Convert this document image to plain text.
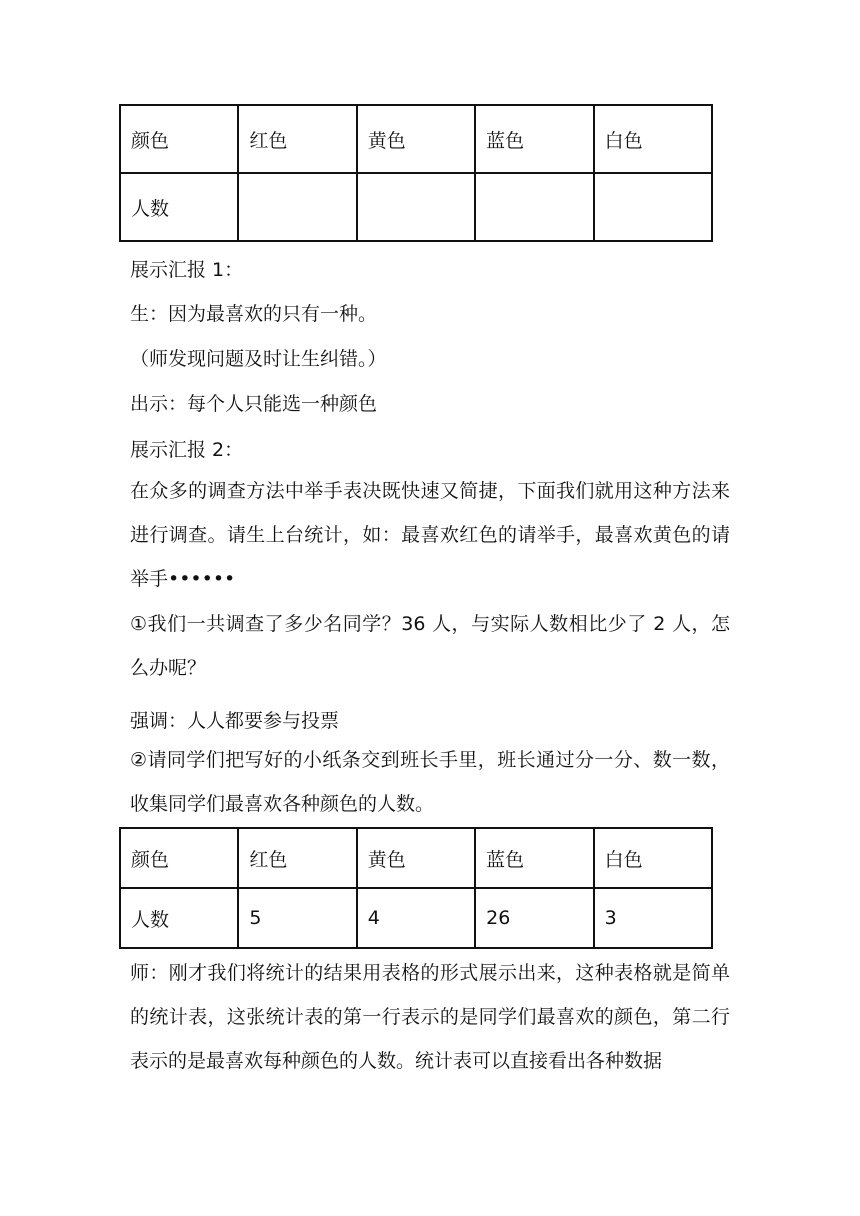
颜色	红色	黄色	蓝色	白色
人数				
展示汇报 1：
生：因为最喜欢的只有一种。
（师发现问题及时让生纠错。）
出示：每个人只能选一种颜色
展示汇报 2：
在众多的调查方法中举手表决既快速又简捷，下面我们就用这种方法来进行调查。请生上台统计，如：最喜欢红色的请举手，最喜欢黄色的请举手••••••
①我们一共调查了多少名同学？36 人，与实际人数相比少了 2 人，怎么办呢？
强调：人人都要参与投票
②请同学们把写好的小纸条交到班长手里，班长通过分一分、数一数，收集同学们最喜欢各种颜色的人数。
颜色	红色	黄色	蓝色	白色
人数	5	4	26	3
师：刚才我们将统计的结果用表格的形式展示出来，这种表格就是简单的统计表，这张统计表的第一行表示的是同学们最喜欢的颜色，第二行表示的是最喜欢每种颜色的人数。统计表可以直接看出各种数据
